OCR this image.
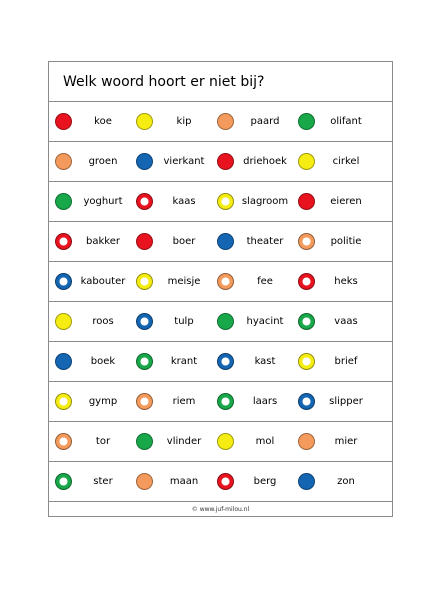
Welk woord hoort er niet bij?
koe	kip	paard	olifant
groen	vierkant	driehoek	cirkel
yoghurt	kaas	slagroom	eieren
bakker	boer	theater	politie
kabouter	meisje	fee	heks
roos	tulp	hyacint	vaas
boek	krant	kast	brief
gymp	riem	laars	slipper
tor	vlinder	mol	mier
ster	maan	berg	zon
© www.juf-milou.nl
